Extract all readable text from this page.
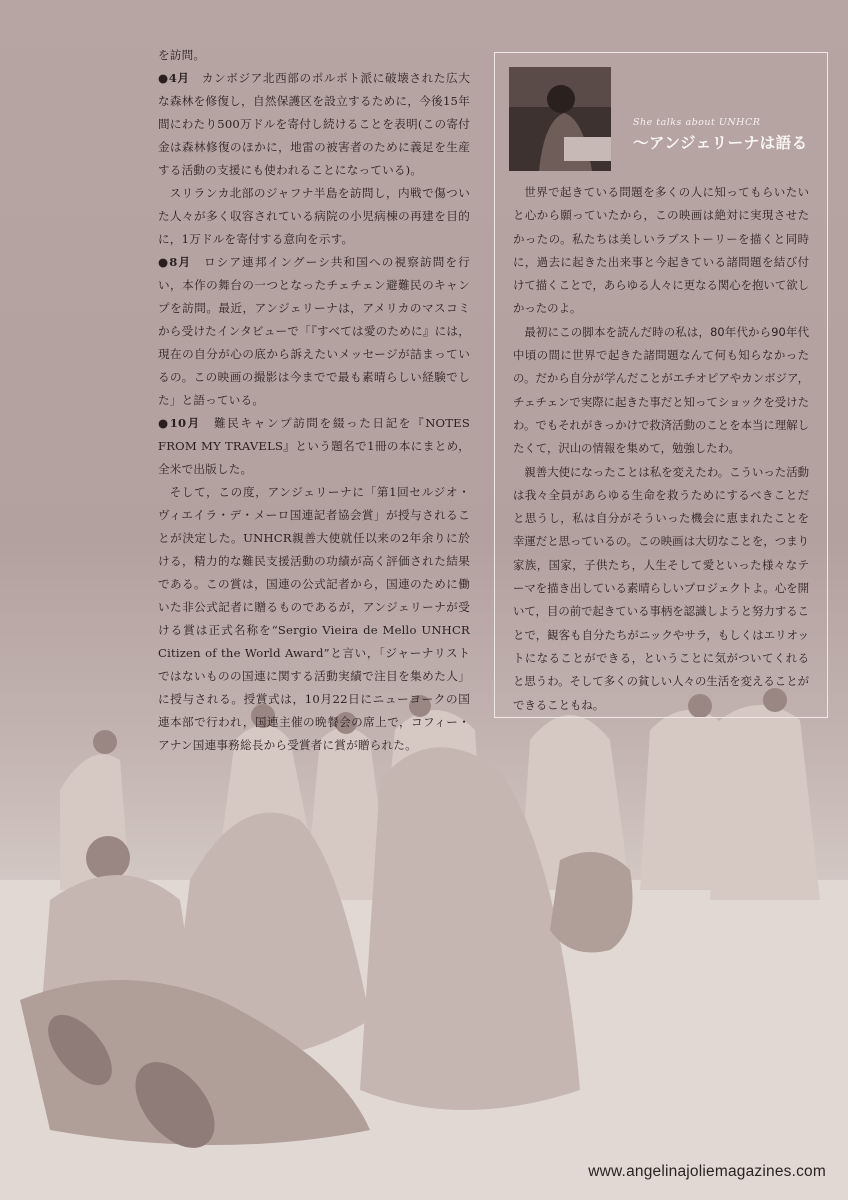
を訪問。

●4月　カンボジア北西部のポルポト派に破壊された広大な森林を修復し，自然保護区を設立するために，今後15年間にわたり500万ドルを寄付し続けることを表明(この寄付金は森林修復のほかに，地雷の被害者のために義足を生産する活動の支援にも使われることになっている)。

スリランカ北部のジャフナ半島を訪問し，内戦で傷ついた人々が多く収容されている病院の小児病棟の再建を目的に，1万ドルを寄付する意向を示す。

●8月　ロシア連邦イングーシ共和国への視察訪問を行い，本作の舞台の一つとなったチェチェン避難民のキャンプを訪問。最近，アンジェリーナは，アメリカのマスコミから受けたインタビューで「『すべては愛のために』には，現在の自分が心の底から訴えたいメッセージが詰まっているの。この映画の撮影は今までで最も素晴らしい経験でした」と語っている。

●10月　難民キャンプ訪問を綴った日記を『NOTES FROM MY TRAVELS』という題名で1冊の本にまとめ，全米で出版した。

そして，この度，アンジェリーナに「第1回セルジオ・ヴィエイラ・デ・メーロ国連記者協会賞」が授与されることが決定した。UNHCR親善大使就任以来の2年余りに於ける，精力的な難民支援活動の功績が高く評価された結果である。この賞は，国連の公式記者から，国連のために働いた非公式記者に贈るものであるが，アンジェリーナが受ける賞は正式名称を“Sergio Vieira de Mello UNHCR Citizen of the World Award”と言い，「ジャーナリストではないものの国連に関する活動実績で注目を集めた人」に授与される。授賞式は，10月22日にニューヨークの国連本部で行われ，国連主催の晩餐会の席上で，コフィー・アナン国連事務総長から受賞者に賞が贈られた。

She talks about UNHCR
〜アンジェリーナは語る

世界で起きている問題を多くの人に知ってもらいたいと心から願っていたから，この映画は絶対に実現させたかったの。私たちは美しいラブストーリーを描くと同時に，過去に起きた出来事と今起きている諸問題を結び付けて描くことで，あらゆる人々に更なる関心を抱いて欲しかったのよ。

最初にこの脚本を読んだ時の私は，80年代から90年代中頃の間に世界で起きた諸問題なんて何も知らなかったの。だから自分が学んだことがエチオピアやカンボジア，チェチェンで実際に起きた事だと知ってショックを受けたわ。でもそれがきっかけで救済活動のことを本当に理解したくて，沢山の情報を集めて，勉強したわ。

親善大使になったことは私を変えたわ。こういった活動は我々全員があらゆる生命を救うためにするべきことだと思うし，私は自分がそういった機会に恵まれたことを幸運だと思っているの。この映画は大切なことを，つまり家族，国家，子供たち，人生そして愛といった様々なテーマを描き出している素晴らしいプロジェクトよ。心を開いて，目の前で起きている事柄を認識しようと努力することで，観客も自分たちがニックやサラ，もしくはエリオットになることができる，ということに気がついてくれると思うわ。そして多くの貧しい人々の生活を変えることができることもね。

www.angelinajoliemagazines.com
